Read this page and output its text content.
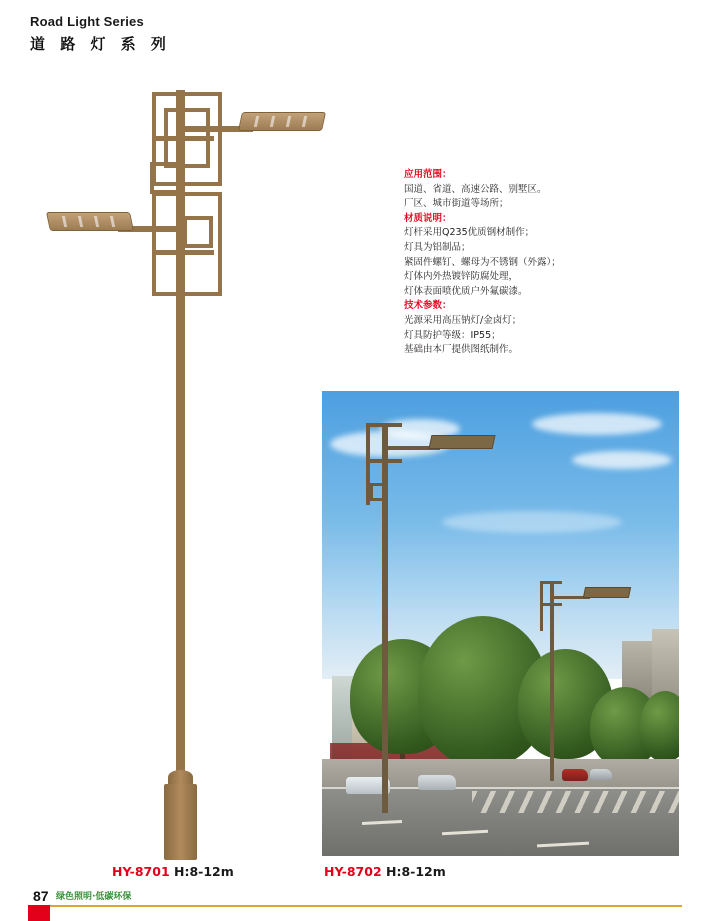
Road Light Series
道 路 灯 系 列
应用范围：
国道、省道、高速公路、别墅区。
厂区、城市街道等场所；
材质说明：
灯杆采用Q235优质钢材制作；
灯具为铝制品；
紧固件螺钉、螺母为不锈钢（外露）；
灯体内外热镀锌防腐处理，
灯体表面喷优质户外氟碳漆。
技术参数：
光源采用高压钠灯/金卤灯；
灯具防护等级：IP55；
基础由本厂提供图纸制作。
HY-8701 H:8-12m	HY-8702 H:8-12m
87 绿色照明·低碳环保
